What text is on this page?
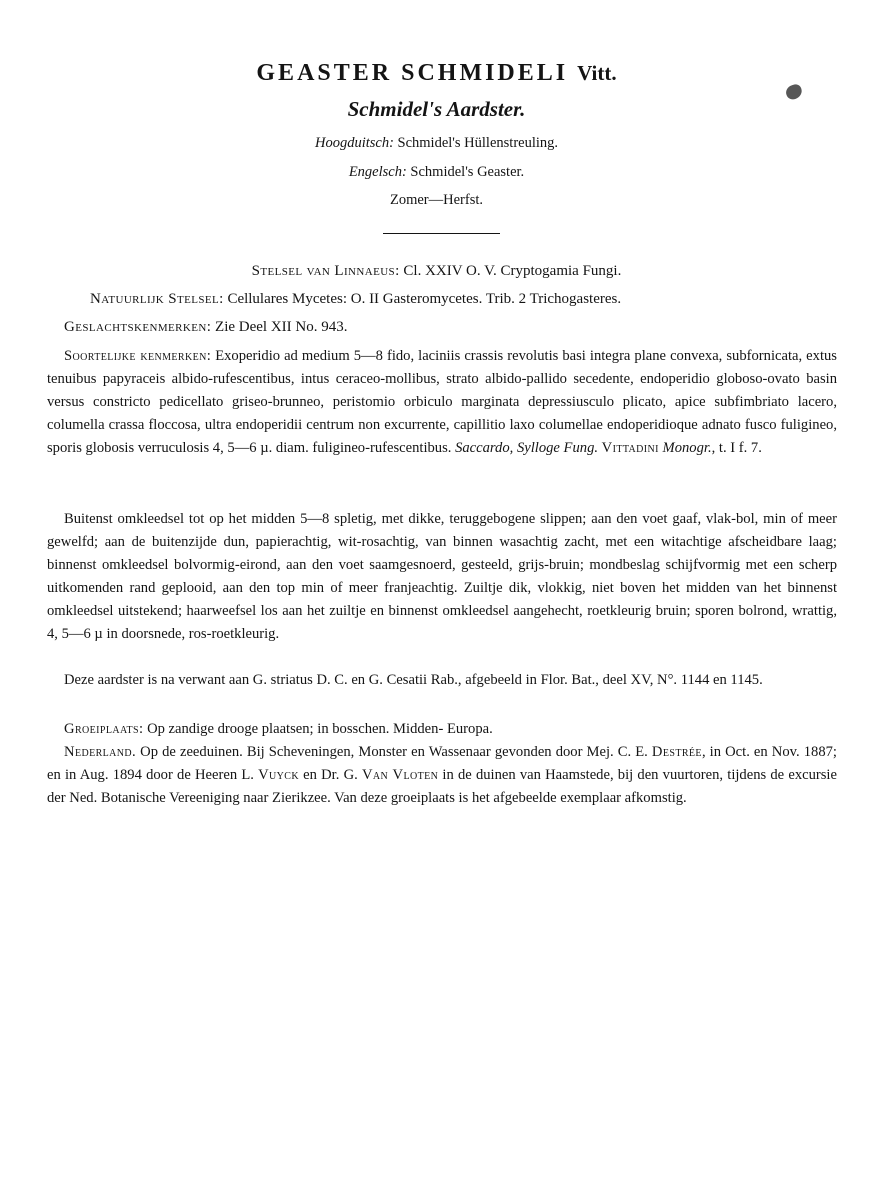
GEASTER SCHMIDELI Vitt.
Schmidel's Aardster.
Hoogduitsch: Schmidel's Hüllenstreuling.
Engelsch: Schmidel's Geaster.
Zomer—Herfst.
Stelsel van Linnaeus: Cl. XXIV O. V. Cryptogamia Fungi.
Natuurlijk Stelsel: Cellulares Mycetes: O. II Gasteromycetes. Trib. 2 Trichogasteres.
Geslachtskenmerken: Zie Deel XII No. 943.

Soortelijke kenmerken: Exoperidio ad medium 5—8 fido, laciniis crassis revolutis basi integra plane convexa, subfornicata, extus tenuibus papyraceis albido-rufescentibus, intus ceraceo-mollibus, strato albido-pallido secedente, endoperidio globoso-ovato basin versus constricto pedicellato griseo-brunneo, peristomio orbiculo marginata depressiusculo plicato, apice subfimbriato lacero, columella crassa floccosa, ultra endoperidii centrum non excurrente, capillitio laxo columellae endoperidioque adnato fusco fuligineo, sporis globosis verruculosis 4, 5—6 µ. diam. fuligineo-rufescentibus. Saccardo, Sylloge Fung. Vittadini Monogr., t. I f. 7.

Buitenst omkleedsel tot op het midden 5—8 spletig, met dikke, teruggebogene slippen; aan den voet gaaf, vlak-bol, min of meer gewelfd; aan de buitenzijde dun, papierachtig, wit-rosachtig, van binnen wasachtig zacht, met een witachtige afscheidbare laag; binnenst omkleedsel bolvormig-eirond, aan den voet saamgesnoerd, gesteeld, grijs-bruin; mondbeslag schijfvormig met een scherp uitkomenden rand geplooid, aan den top min of meer franjeachtig. Zuiltje dik, vlokkig, niet boven het midden van het binnenst omkleedsel uitstekend; haarweefsel los aan het zuiltje en binnenst omkleedsel aangehecht, roetkleurig bruin; sporen bolrond, wrattig, 4, 5—6 µ in doorsnede, ros-roetkleurig.

Deze aardster is na verwant aan G. striatus D. C. en G. Cesatii Rab., afgebeeld in Flor. Bat., deel XV, N°. 1144 en 1145.

Groeiplaats: Op zandige drooge plaatsen; in bosschen. Midden- Europa.

Nederland. Op de zeeduinen. Bij Scheveningen, Monster en Wassenaar gevonden door Mej. C. E. Destrée, in Oct. en Nov. 1887; en in Aug. 1894 door de Heeren L. Vuyck en Dr. G. Van Vloten in de duinen van Haamstede, bij den vuurtoren, tijdens de excursie der Ned. Botanische Vereeniging naar Zierikzee. Van deze groeiplaats is het afgebeelde exemplaar afkomstig.
